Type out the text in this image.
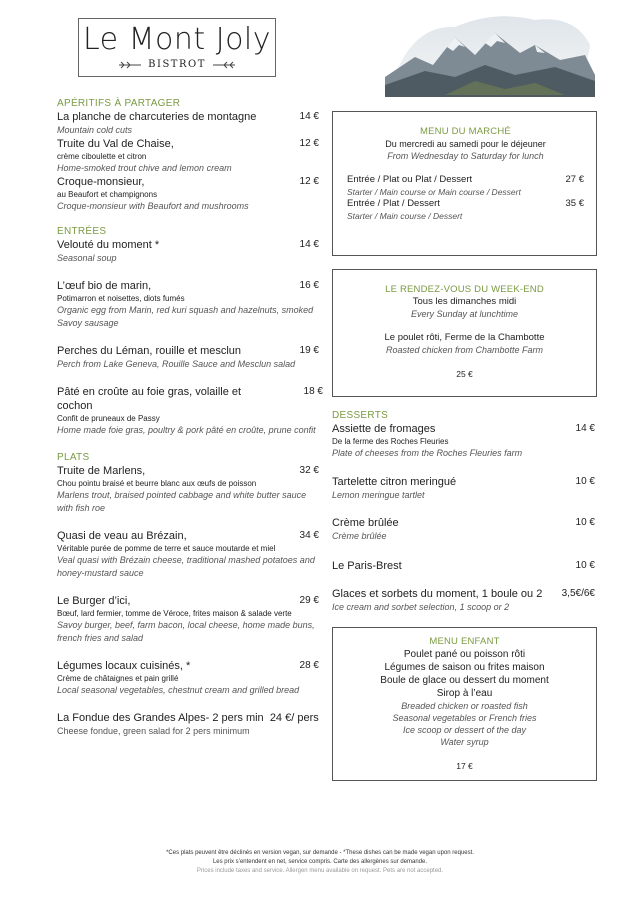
Le Mont Joly
BISTROT
APÉRITIFS À PARTAGER
La planche de charcuteries de montagne	14 €
Mountain cold cuts
Truite du Val de Chaise,	12 €
crème ciboulette et citron
Home-smoked trout chive and lemon cream
Croque-monsieur,	12 €
au Beaufort et champignons
Croque-monsieur with Beaufort and mushrooms
ENTRÉES
Velouté du moment *	14 €
Seasonal soup
L’œuf bio de marin,	16 €
Potimarron et noisettes, diots fumés
Organic egg from Marin, red kuri squash and hazelnuts, smoked Savoy sausage
Perches du Léman, rouille et mesclun	19 €
Perch from Lake Geneva, Rouille Sauce and Mesclun salad
Pâté en croûte au foie gras, volaille et cochon
18 €
Confit de pruneaux de Passy
Home made foie gras, poultry & pork pâté en croûte, prune confit
PLATS
Truite de Marlens,	32 €
Chou pointu braisé et beurre blanc aux œufs de poisson
Marlens trout, braised pointed cabbage and white butter sauce with fish roe
Quasi de veau au Brézain,	34 €
Véritable purée de pomme de terre et sauce moutarde et miel
Veal quasi with Brézain cheese, traditional mashed potatoes and honey-mustard sauce
Le Burger d’ici,	29 €
Bœuf, lard fermier, tomme de Véroce, frites maison & salade verte
Savoy burger, beef, farm bacon, local cheese, home made buns, french fries and salad
Légumes locaux cuisinés, *	28 €
Crème de châtaignes et pain grillé
Local seasonal vegetables, chestnut cream and grilled bread
La Fondue des Grandes Alpes- 2 pers min 24 €/ pers
Cheese fondue, green salad for 2 pers minimum
MENU DU MARCHÉ
Du mercredi au samedi pour le déjeuner
From Wednesday to Saturday for lunch
Entrée / Plat ou Plat / Dessert	27 €
Starter / Main course or Main course / Dessert
Entrée / Plat / Dessert	35 €
Starter / Main course / Dessert
LE RENDEZ-VOUS DU WEEK-END
Tous les dimanches midi
Every Sunday at lunchtime
Le poulet rôti, Ferme de la Chambotte
Roasted chicken from Chambotte Farm
25 €
DESSERTS
Assiette de fromages	14 €
De la ferme des Roches Fleuries
Plate of cheeses from the Roches Fleuries farm
Tartelette citron meringué	10 €
Lemon meringue tartlet
Crème brûlée	10 €
Crème brûlée
Le Paris-Brest	10 €
Glaces et sorbets du moment, 1 boule ou 2	3,5€/6€
Ice cream and sorbet selection, 1 scoop or 2
MENU ENFANT
Poulet pané ou poisson rôti
Légumes de saison ou frites maison
Boule de glace ou dessert du moment
Sirop à l’eau
Breaded chicken or roasted fish
Seasonal vegetables or French fries
Ice scoop or dessert of the day
Water syrup
17 €
*Ces plats peuvent être déclinés en version vegan, sur demande - *These dishes can be made vegan upon request.
Les prix s’entendent en net, service compris. Carte des allergènes sur demande.
Prices include taxes and service. Allergen menu available on request. Pets are not accepted.
